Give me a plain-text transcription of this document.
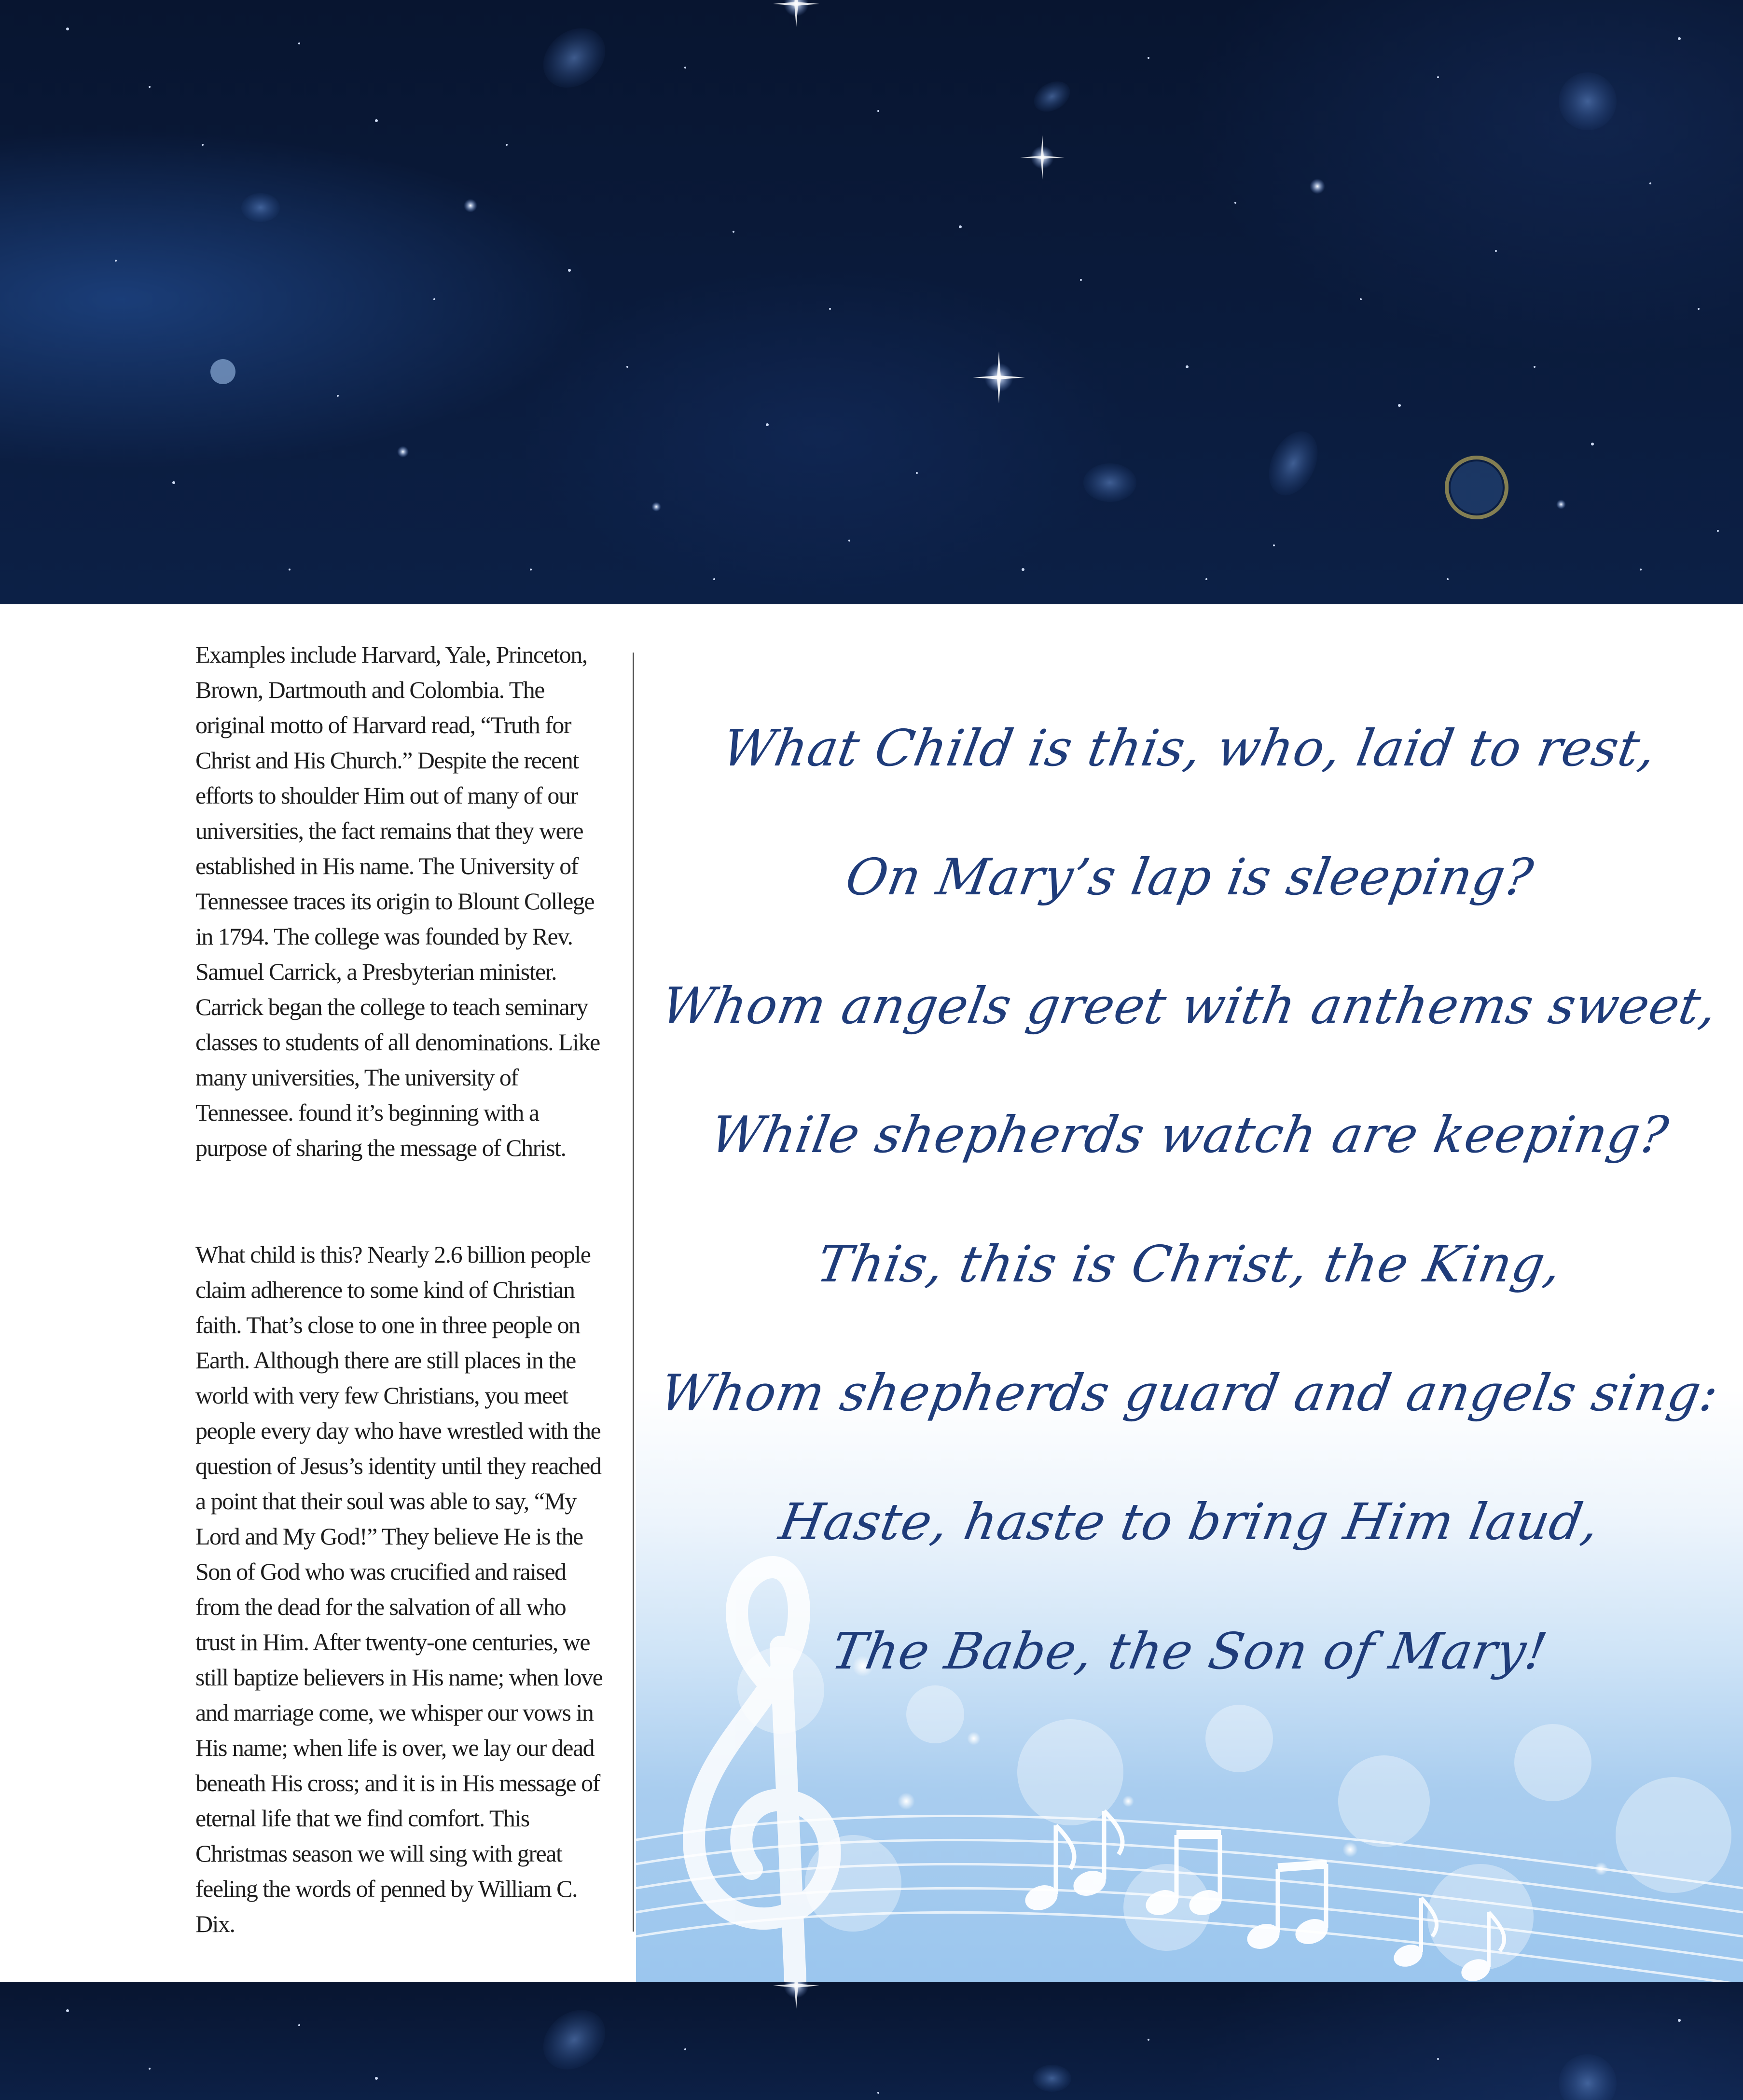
Examples include Harvard, Yale, Princeton, Brown, Dartmouth and Colombia. The original motto of Harvard read, “Truth for Christ and His Church.” Despite the recent efforts to shoulder Him out of many of our universities, the fact remains that they were established in His name. The University of Tennessee traces its origin to Blount College in 1794. The college was founded by Rev. Samuel Carrick, a Presbyterian minister. Carrick began the college to teach seminary classes to students of all denominations. Like many universities, The university of Tennessee. found it’s beginning with a purpose of sharing the message of Christ.

What child is this? Nearly 2.6 billion people claim adherence to some kind of Christian faith. That’s close to one in three people on Earth. Although there are still places in the world with very few Christians, you meet people every day who have wrestled with the question of Jesus’s identity until they reached a point that their soul was able to say, “My Lord and My God!” They believe He is the Son of God who was crucified and raised from the dead for the salvation of all who trust in Him. After twenty-one centuries, we still baptize believers in His name; when love and marriage come, we whisper our vows in His name; when life is over, we lay our dead beneath His cross; and it is in His message of eternal life that we find comfort. This Christmas season we will sing with great feeling the words of penned by William C. Dix.

What Child is this, who, laid to rest,
On Mary’s lap is sleeping?
Whom angels greet with anthems sweet,
While shepherds watch are keeping?
This, this is Christ, the King,
Whom shepherds guard and angels sing:
Haste, haste to bring Him laud,
The Babe, the Son of Mary!
